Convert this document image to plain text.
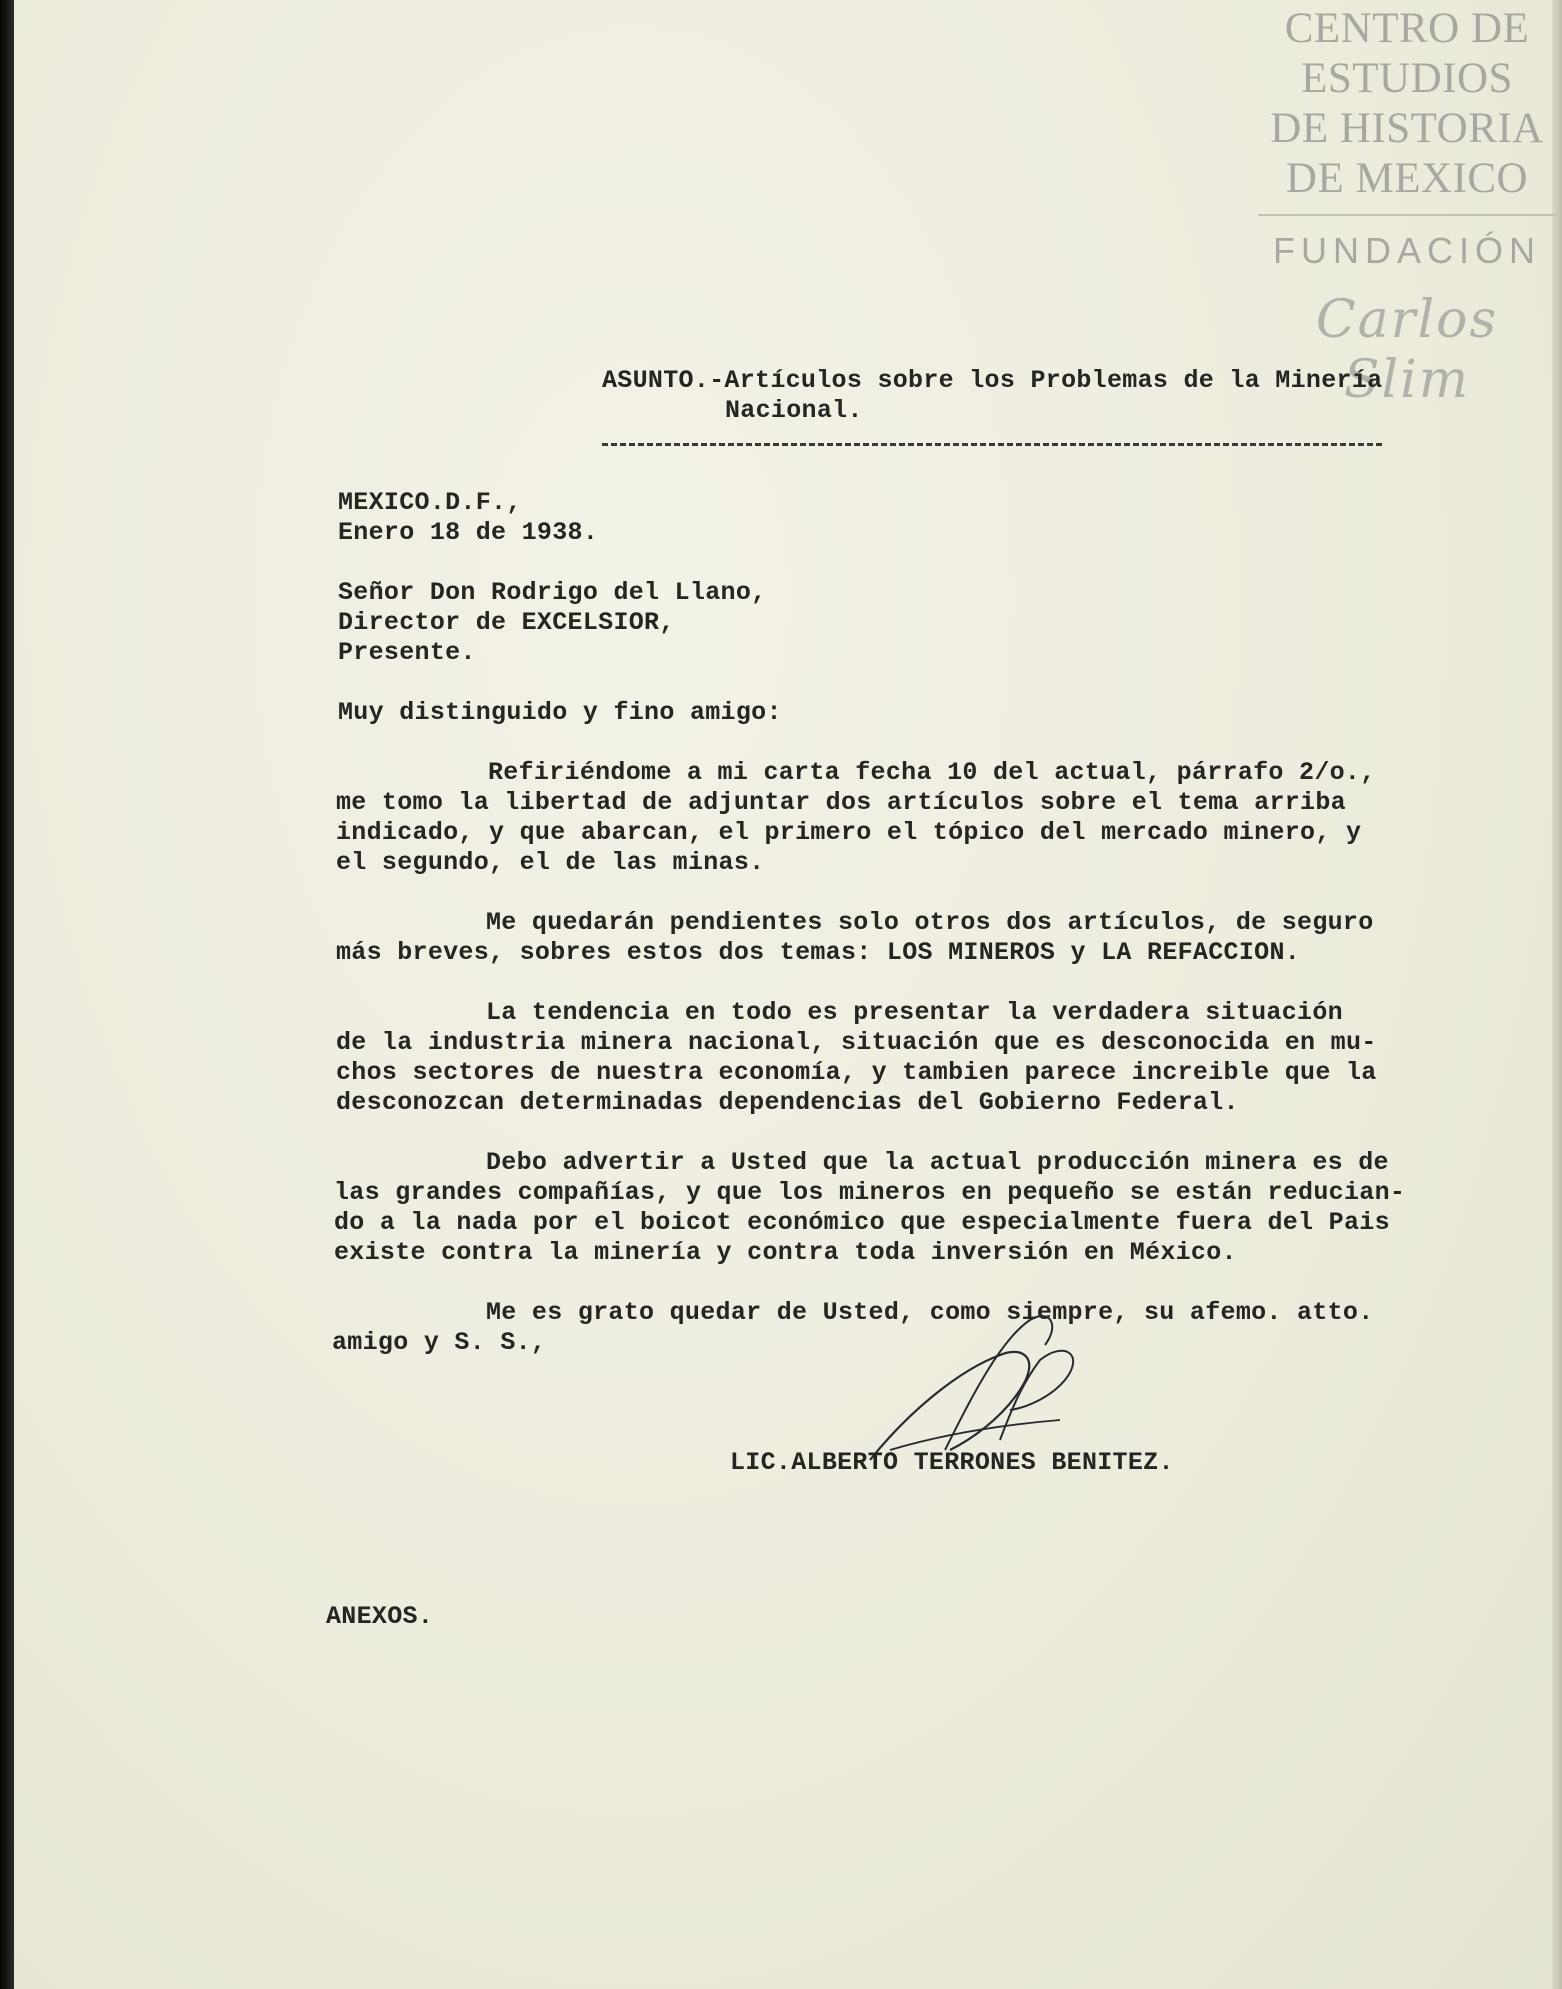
CENTRO DE
ESTUDIOS
DE HISTORIA
DE MEXICO
FUNDACIÓN
Carlos Slim
ASUNTO.-Artículos sobre los Problemas de la Minería
Nacional.
MEXICO.D.F.,
Enero 18 de 1938.
Señor Don Rodrigo del Llano,
Director de EXCELSIOR,
Presente.
Muy distinguido y fino amigo:
Refiriéndome a mi carta fecha 10 del actual, párrafo 2/o.,
me tomo la libertad de adjuntar dos artículos sobre el tema arriba
indicado, y que abarcan, el primero el tópico del mercado minero, y
el segundo, el de las minas.
Me quedarán pendientes solo otros dos artículos, de seguro
más breves, sobres estos dos temas: LOS MINEROS y LA REFACCION.
La tendencia en todo es presentar la verdadera situación
de la industria minera nacional, situación que es desconocida en mu-
chos sectores de nuestra economía, y tambien parece increible que la
desconozcan determinadas dependencias del Gobierno Federal.
Debo advertir a Usted que la actual producción minera es de
las grandes compañías, y que los mineros en pequeño se están reducian-
do a la nada por el boicot económico que especialmente fuera del Pais
existe contra la minería y contra toda inversión en México.
Me es grato quedar de Usted, como siempre, su afemo. atto.
amigo y S. S.,
LIC.ALBERTO TERRONES BENITEZ.
ANEXOS.
